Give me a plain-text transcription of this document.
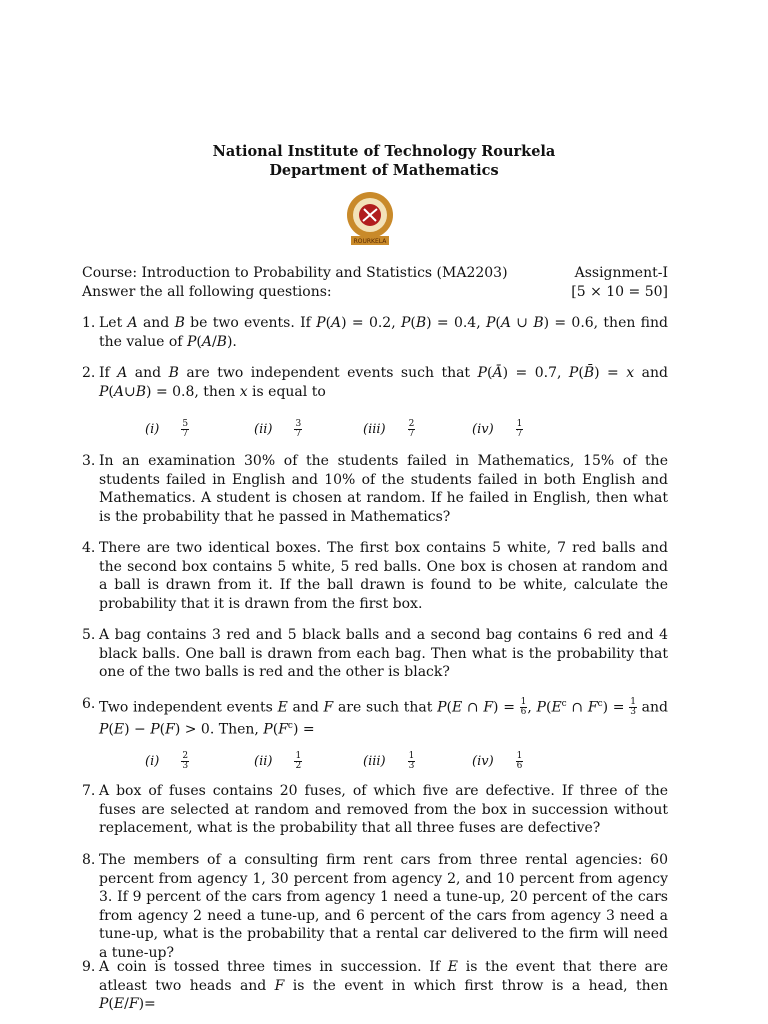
National Institute of Technology Rourkela
Department of Mathematics
ROURKELA
Course: Introduction to Probability and Statistics (MA2203)	Assignment-I
Answer the all following questions:	[5 × 10 = 50]
1. Let A and B be two events. If P(A) = 0.2, P(B) = 0.4, P(A ∪ B) = 0.6, then find the value of P(A/B).
2. If A and B are two independent events such that P(Ā) = 0.7, P(B̄) = x and P(A∪B) = 0.8, then x is equal to
$(i) \frac{5}{7}$	$(ii) \frac{3}{7}$	$(iii) \frac{2}{7}$	$(iv) \frac{1}{7}$
3. In an examination 30% of the students failed in Mathematics, 15% of the students failed in English and 10% of the students failed in both English and Mathematics. A student is chosen at random. If he failed in English, then what is the probability that he passed in Mathematics?
4. There are two identical boxes. The first box contains 5 white, 7 red balls and the second box contains 5 white, 5 red balls. One box is chosen at random and a ball is drawn from it. If the ball drawn is found to be white, calculate the probability that it is drawn from the first box.
5. A bag contains 3 red and 5 black balls and a second bag contains 6 red and 4 black balls. One ball is drawn from each bag. Then what is the probability that one of the two balls is red and the other is black?
6. Two independent events E and F are such that P(E ∩ $F) = \frac{1}{6}$ , $P(E^c$ ∩ $F^c) = \frac{1}{3}$ and P(E) − P(F) > 0. Then, $P(F^c)$ =
$(i) \frac{2}{3}$	$(ii) \frac{1}{2}$	$(iii) \frac{1}{3}$	$(iv) \frac{1}{6}$
7. A box of fuses contains 20 fuses, of which five are defective. If three of the fuses are selected at random and removed from the box in succession without replacement, what is the probability that all three fuses are defective?
8. The members of a consulting firm rent cars from three rental agencies: 60 percent from agency 1, 30 percent from agency 2, and 10 percent from agency 3. If 9 percent of the cars from agency 1 need a tune-up, 20 percent of the cars from agency 2 need a tune-up, and 6 percent of the cars from agency 3 need a tune-up, what is the probability that a rental car delivered to the firm will need a tune-up?
9. A coin is tossed three times in succession. If E is the event that there are atleast two heads and F is the event in which first throw is a head, then P(E/F)=
